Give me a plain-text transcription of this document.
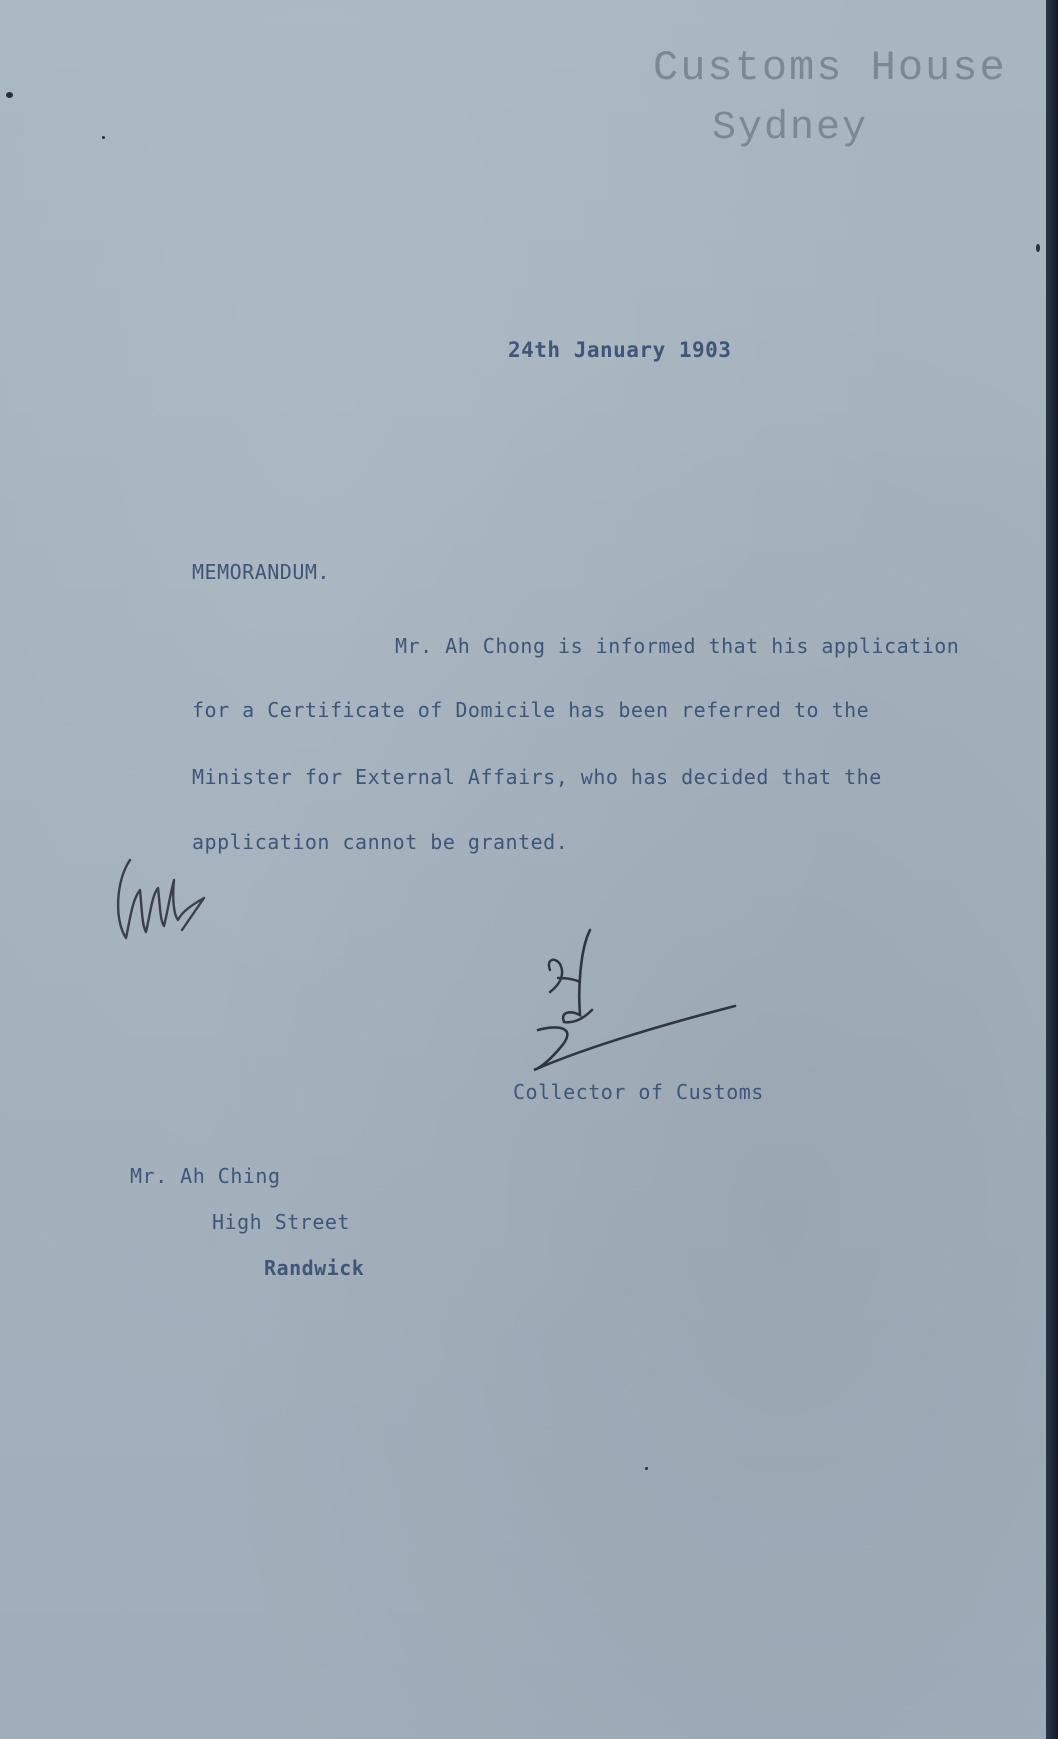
Customs House
Sydney
24th January 1903
MEMORANDUM.
Mr. Ah Chong is informed that his application
for a Certificate of Domicile has been referred to the
Minister for External Affairs, who has decided that the
application cannot be granted.
Collector of Customs
Mr. Ah Ching
High Street
Randwick
